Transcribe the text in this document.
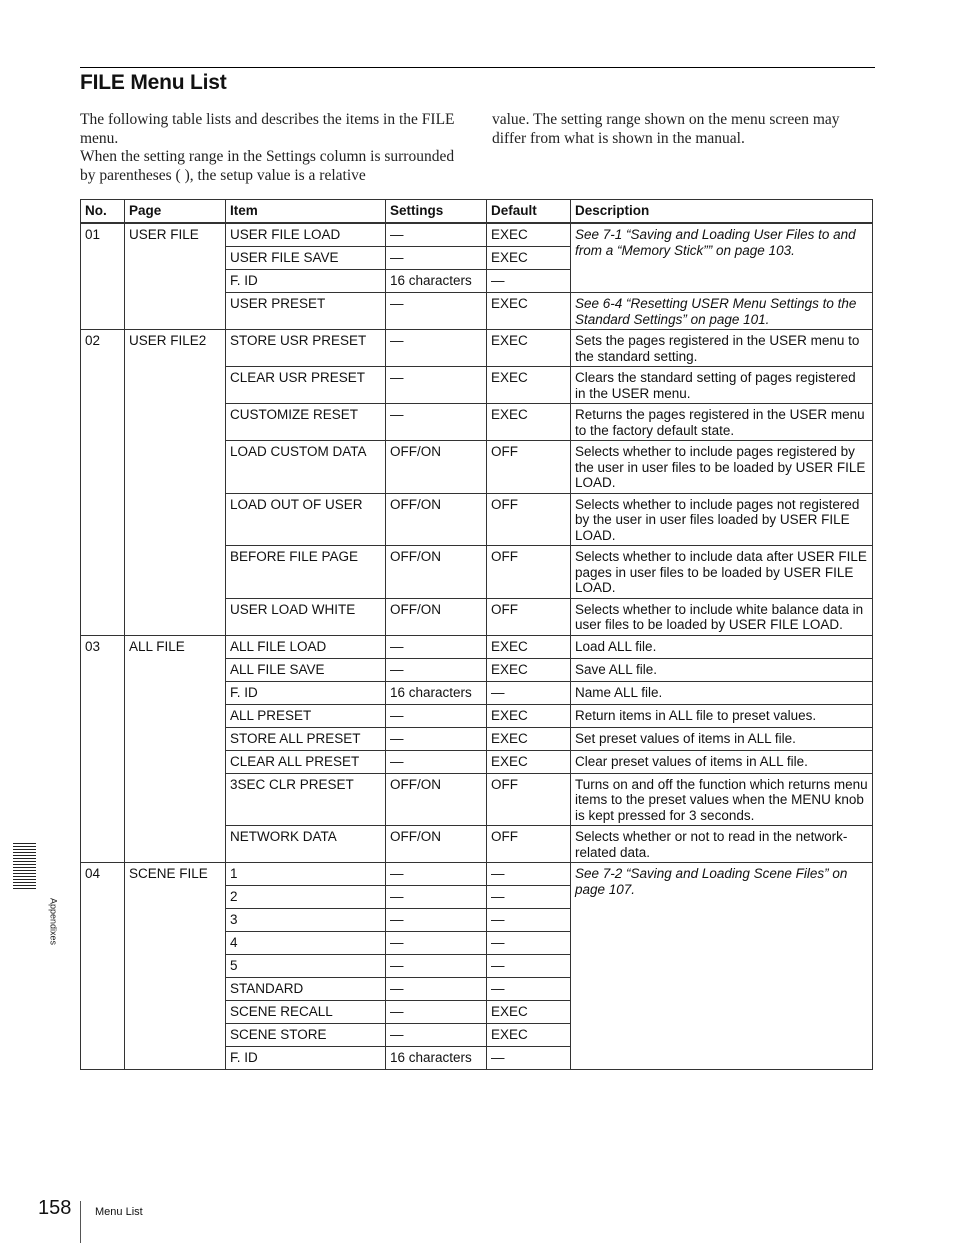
FILE Menu List

The following table lists and describes the items in the FILE menu.

When the setting range in the Settings column is surrounded by parentheses ( ), the setup value is a relative

value. The setting range shown on the menu screen may differ from what is shown in the manual.

No.	Page	Item	Settings	Default	Description
01	USER FILE	USER FILE LOAD	—	EXEC	See 7-1 “Saving and Loading User Files to and from a “Memory Stick”” on page 103.
		USER FILE SAVE	—	EXEC	
		F. ID	16 characters	—	
		USER PRESET	—	EXEC	See 6-4 “Resetting USER Menu Settings to the Standard Settings” on page 101.
02	USER FILE2	STORE USR PRESET	—	EXEC	Sets the pages registered in the USER menu to the standard setting.
		CLEAR USR PRESET	—	EXEC	Clears the standard setting of pages registered in the USER menu.
		CUSTOMIZE RESET	—	EXEC	Returns the pages registered in the USER menu to the factory default state.
		LOAD CUSTOM DATA	OFF/ON	OFF	Selects whether to include pages registered by the user in user files to be loaded by USER FILE LOAD.
		LOAD OUT OF USER	OFF/ON	OFF	Selects whether to include pages not registered by the user in user files loaded by USER FILE LOAD.
		BEFORE FILE PAGE	OFF/ON	OFF	Selects whether to include data after USER FILE pages in user files to be loaded by USER FILE LOAD.
		USER LOAD WHITE	OFF/ON	OFF	Selects whether to include white balance data in user files to be loaded by USER FILE LOAD.
03	ALL FILE	ALL FILE LOAD	—	EXEC	Load ALL file.
		ALL FILE SAVE	—	EXEC	Save ALL file.
		F. ID	16 characters	—	Name ALL file.
		ALL PRESET	—	EXEC	Return items in ALL file to preset values.
		STORE ALL PRESET	—	EXEC	Set preset values of items in ALL file.
		CLEAR ALL PRESET	—	EXEC	Clear preset values of items in ALL file.
		3SEC CLR PRESET	OFF/ON	OFF	Turns on and off the function which returns menu items to the preset values when the MENU knob is kept pressed for 3 seconds.
		NETWORK DATA	OFF/ON	OFF	Selects whether or not to read in the network-related data.
04	SCENE FILE	1	—	—	See 7-2 “Saving and Loading Scene Files” on page 107.
		2	—	—	
		3	—	—	
		4	—	—	
		5	—	—	
		STANDARD	—	—	
		SCENE RECALL	—	EXEC	
		SCENE STORE	—	EXEC	
		F. ID	16 characters	—	
Appendixes
158 Menu List
